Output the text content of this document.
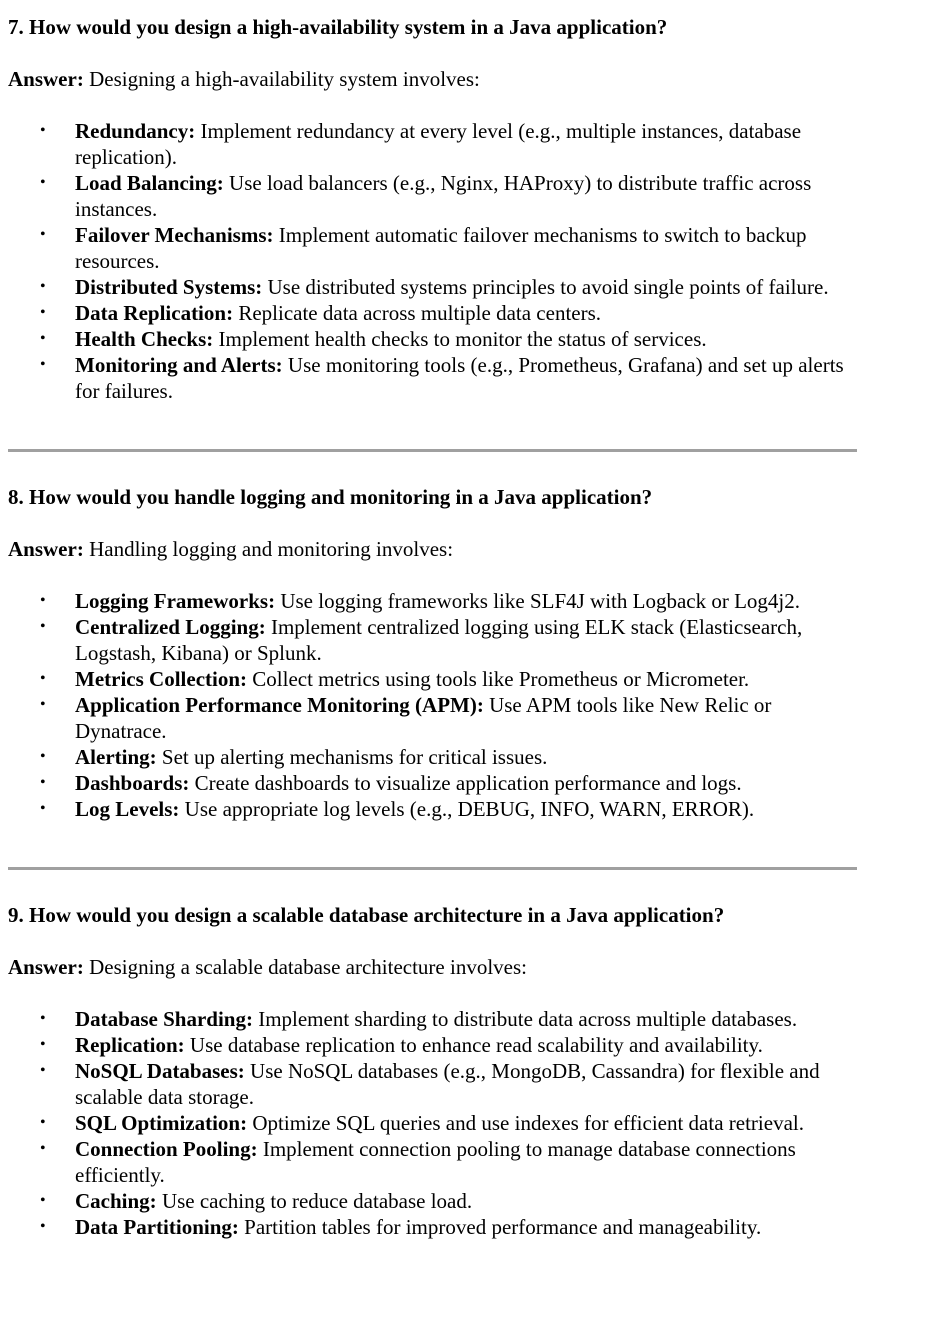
7. How would you design a high-availability system in a Java application?

Answer: Designing a high-availability system involves:

• Redundancy: Implement redundancy at every level (e.g., multiple instances, database replication).
• Load Balancing: Use load balancers (e.g., Nginx, HAProxy) to distribute traffic across instances.
• Failover Mechanisms: Implement automatic failover mechanisms to switch to backup resources.
• Distributed Systems: Use distributed systems principles to avoid single points of failure.
• Data Replication: Replicate data across multiple data centers.
• Health Checks: Implement health checks to monitor the status of services.
• Monitoring and Alerts: Use monitoring tools (e.g., Prometheus, Grafana) and set up alerts for failures.

8. How would you handle logging and monitoring in a Java application?

Answer: Handling logging and monitoring involves:

• Logging Frameworks: Use logging frameworks like SLF4J with Logback or Log4j2.
• Centralized Logging: Implement centralized logging using ELK stack (Elasticsearch, Logstash, Kibana) or Splunk.
• Metrics Collection: Collect metrics using tools like Prometheus or Micrometer.
• Application Performance Monitoring (APM): Use APM tools like New Relic or Dynatrace.
• Alerting: Set up alerting mechanisms for critical issues.
• Dashboards: Create dashboards to visualize application performance and logs.
• Log Levels: Use appropriate log levels (e.g., DEBUG, INFO, WARN, ERROR).

9. How would you design a scalable database architecture in a Java application?

Answer: Designing a scalable database architecture involves:

• Database Sharding: Implement sharding to distribute data across multiple databases.
• Replication: Use database replication to enhance read scalability and availability.
• NoSQL Databases: Use NoSQL databases (e.g., MongoDB, Cassandra) for flexible and scalable data storage.
• SQL Optimization: Optimize SQL queries and use indexes for efficient data retrieval.
• Connection Pooling: Implement connection pooling to manage database connections efficiently.
• Caching: Use caching to reduce database load.
• Data Partitioning: Partition tables for improved performance and manageability.
